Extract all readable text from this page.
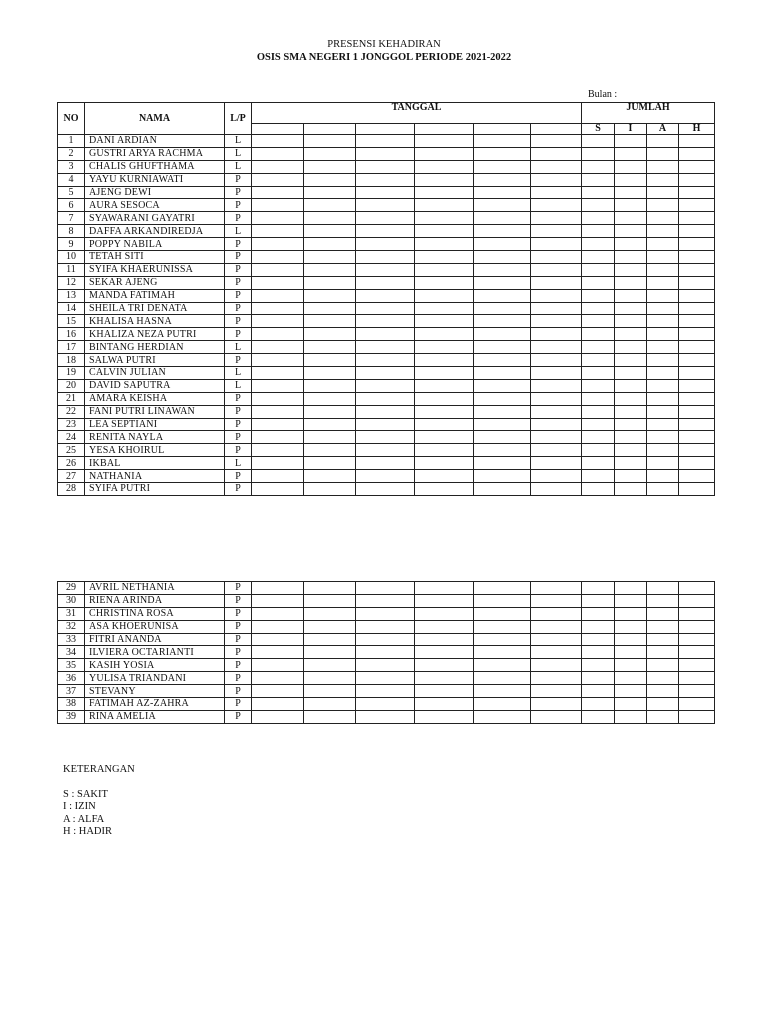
PRESENSI KEHADIRAN
OSIS SMA NEGERI 1 JONGGOL PERIODE 2021-2022
Bulan :
NO	NAMA	L/P	TANGGAL						JUMLAH			
									S	I	A	H
1	DANI ARDIAN	L										
2	GUSTRI ARYA RACHMA	L										
3	CHALIS GHUFTHAMA	L										
4	YAYU KURNIAWATI	P										
5	AJENG DEWI	P										
6	AURA SESOCA	P										
7	SYAWARANI GAYATRI	P										
8	DAFFA ARKANDIREDJA	L										
9	POPPY NABILA	P										
10	TETAH SITI	P										
11	SYIFA KHAERUNISSA	P										
12	SEKAR AJENG	P										
13	MANDA FATIMAH	P										
14	SHEILA TRI DENATA	P										
15	KHALISA HASNA	P										
16	KHALIZA NEZA PUTRI	P										
17	BINTANG HERDIAN	L										
18	SALWA PUTRI	P										
19	CALVIN JULIAN	L										
20	DAVID SAPUTRA	L										
21	AMARA KEISHA	P										
22	FANI PUTRI LINAWAN	P										
23	LEA SEPTIANI	P										
24	RENITA NAYLA	P										
25	YESA KHOIRUL	P										
26	IKBAL	L										
27	NATHANIA	P										
28	SYIFA PUTRI	P										
29	AVRIL NETHANIA	P										
30	RIENA ARINDA	P										
31	CHRISTINA ROSA	P										
32	ASA KHOERUNISA	P										
33	FITRI ANANDA	P										
34	ILVIERA OCTARIANTI	P										
35	KASIH YOSIA	P										
36	YULISA TRIANDANI	P										
37	STEVANY	P										
38	FATIMAH AZ-ZAHRA	P										
39	RINA AMELIA	P										
KETERANGAN
S : SAKIT
I : IZIN
A : ALFA
H : HADIR
